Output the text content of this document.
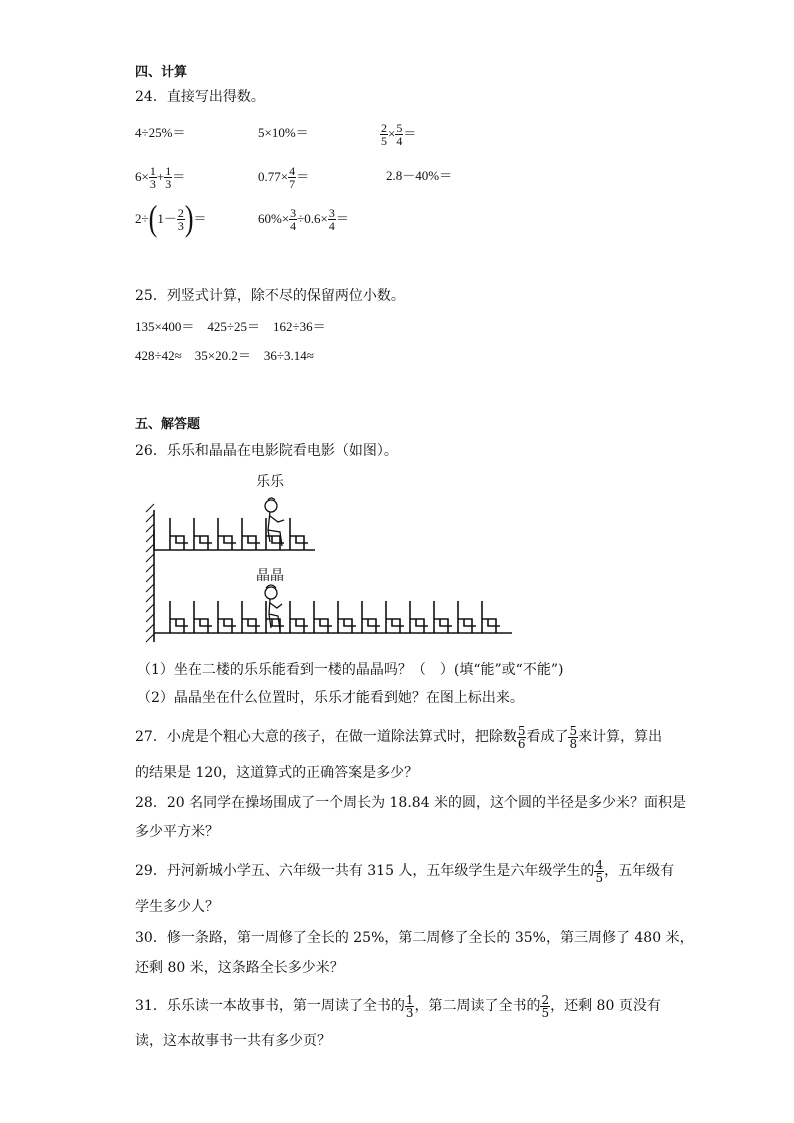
四、计算
24．直接写出得数。
4÷25%＝	5×10%＝	$\frac{2}{5} \times \frac{5}{4}$ ＝
$6\times \frac{1}{3} + \frac{1}{3}$ ＝	$0.77\times \frac{4}{7}$ ＝	2.8－40%＝
$2\div(1- \frac{2}{3}$ )＝	$60\%\times \frac{3}{4} \div 0.6\times \frac{3}{4}$ ＝
25．列竖式计算，除不尽的保留两位小数。
135×400＝　425÷25＝　162÷36＝
428÷42≈　35×20.2＝　36÷3.14≈
五、解答题
26．乐乐和晶晶在电影院看电影（如图）。
乐乐
晶晶
（1）坐在二楼的乐乐能看到一楼的晶晶吗？（　）(填“能”或“不能”)
（2）晶晶坐在什么位置时，乐乐才能看到她？在图上标出来。
27．小虎是个粗心大意的孩子，在做一道除法算式时，把除数 $\frac{5}{6}$ 看成了 $\frac{5}{8}$ 来计算，算出
的结果是 120，这道算式的正确答案是多少？
28．20 名同学在操场围成了一个周长为 18.84 米的圆，这个圆的半径是多少米？面积是
多少平方米？
29．丹河新城小学五、六年级一共有 315 人，五年级学生是六年级学生的 $\frac{4}{5}$ ，五年级有
学生多少人？
30．修一条路，第一周修了全长的 25%，第二周修了全长的 35%，第三周修了 480 米，
还剩 80 米，这条路全长多少米？
31．乐乐读一本故事书，第一周读了全书的 $\frac{1}{3}$ ，第二周读了全书的 $\frac{2}{5}$ ，还剩 80 页没有
读，这本故事书一共有多少页？
